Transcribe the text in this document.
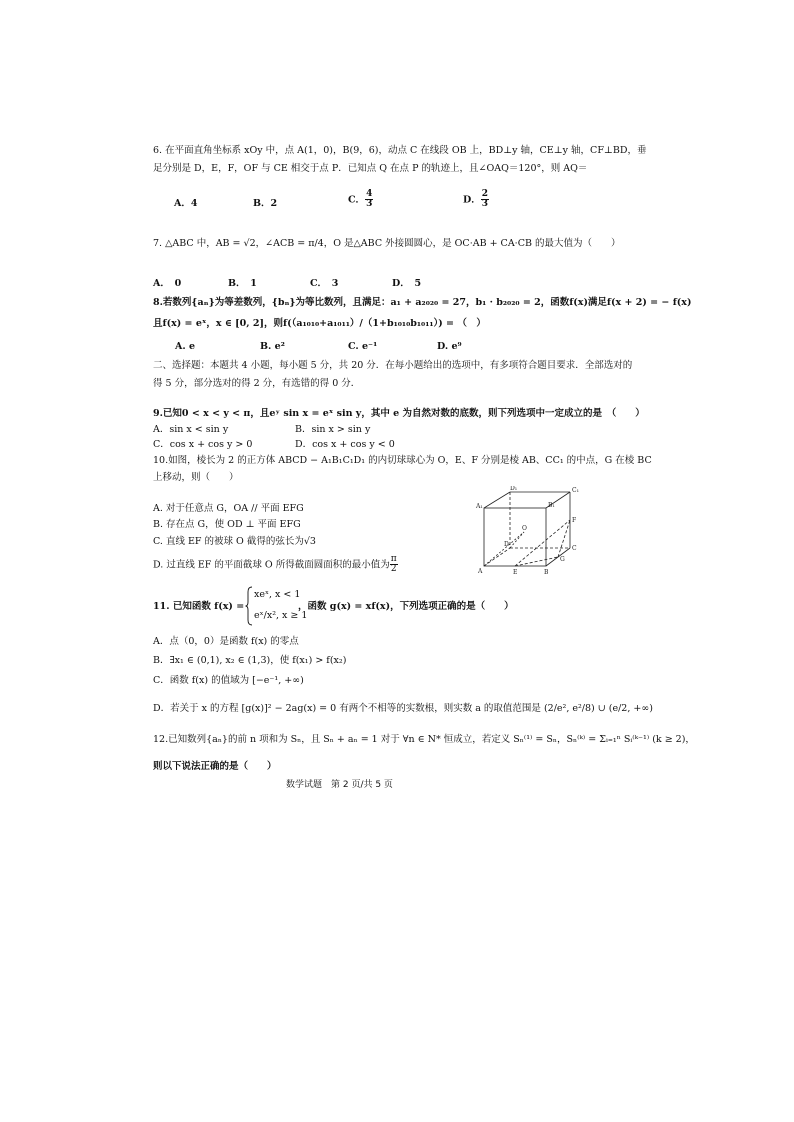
6. 在平面直角坐标系 xOy 中，点 A(1，0)，B(9，6)，动点 C 在线段 OB 上，BD⊥y 轴，CE⊥y 轴，CF⊥BD，垂
足分别是 D，E，F，OF 与 CE 相交于点 P．已知点 Q 在点 P 的轨迹上，且∠OAQ＝120°，则 AQ＝
A．4	B．2	C． $\frac{4}{3}$	D． $\frac{2}{3}$
7. △ABC 中，AB = √2，∠ACB = π/4，O 是△ABC 外接圆圆心，是 OC·AB + CA·CB 的最大值为（　　）
A．　0	B．　1	C．　3	D．　5
8.若数列{aₙ}为等差数列，{bₙ}为等比数列，且满足：a₁ + a₂₀₂₀ = 27，b₁ · b₂₀₂₀ = 2，函数f(x)满足f(x + 2) = − f(x)
且f(x) = eˣ，x ∈ [0, 2]，则f(（a₁₀₁₀+a₁₀₁₁）/（1+b₁₀₁₀b₁₀₁₁）) = （　）
A. e	B. e²	C. e⁻¹	D. e⁹
二、选择题：本题共 4 小题，每小题 5 分，共 20 分．在每小题给出的选项中，有多项符合题目要求．全部选对的
得 5 分，部分选对的得 2 分，有选错的得 0 分．
9.已知0 < x < y < π，且eʸ sin x = eˣ sin y，其中 e 为自然对数的底数，则下列选项中一定成立的是　（　　）
A．sin x < sin y	B．sin x > sin y
C．cos x + cos y > 0	D．cos x + cos y < 0
10.如图，棱长为 2 的正方体 ABCD − A₁B₁C₁D₁ 的内切球球心为 O，E、F 分别是棱 AB、CC₁ 的中点，G 在棱 BC
上移动，则（　　）
A. 对于任意点 G，OA // 平面 EFG
B. 存在点 G，使 OD ⊥ 平面 EFG
C. 直线 EF 的被球 O 截得的弦长为√3
D. 过直线 EF 的平面截球 O 所得截面圆面积的最小值为 $\frac{\pi}{2}$
D₁	C₁
A₁	B₁
F
O
D
C
G
A	E	B
11. 已知函数 f(x) =
xeˣ, x < 1
eˣ/x², x ≥ 1
，函数 g(x) = xf(x)，下列选项正确的是（　　）
A．点（0，0）是函数 f(x) 的零点
B．∃x₁ ∈ (0,1), x₂ ∈ (1,3)，使 f(x₁) > f(x₂)
C．函数 f(x) 的值域为 [−e⁻¹, +∞)
D．若关于 x 的方程 [g(x)]² − 2ag(x) = 0 有两个不相等的实数根，则实数 a 的取值范围是 (2/e², e²/8) ∪ (e/2, +∞)
12.已知数列{aₙ}的前 n 项和为 Sₙ，且 Sₙ + aₙ = 1 对于 ∀n ∈ N* 恒成立，若定义 Sₙ⁽¹⁾ = Sₙ，Sₙ⁽ᵏ⁾ = Σᵢ₌₁ⁿ Sᵢ⁽ᵏ⁻¹⁾ (k ≥ 2)，
则以下说法正确的是（　　）
数学试题　第 2 页/共 5 页
